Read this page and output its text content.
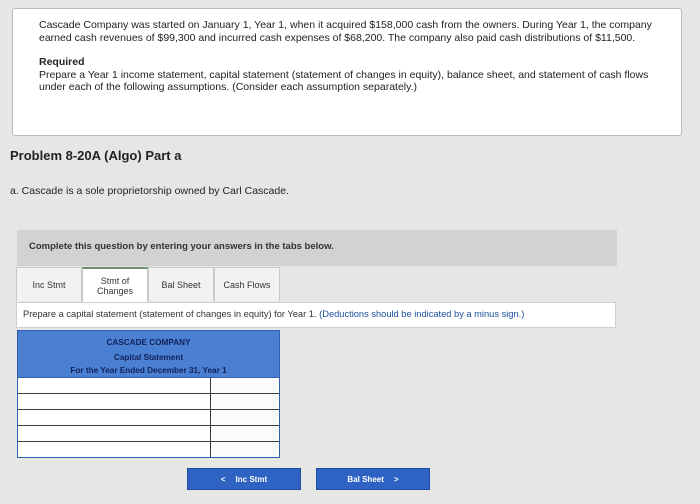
Cascade Company was started on January 1, Year 1, when it acquired $158,000 cash from the owners. During Year 1, the company earned cash revenues of $99,300 and incurred cash expenses of $68,200. The company also paid cash distributions of $11,500.

Required

Prepare a Year 1 income statement, capital statement (statement of changes in equity), balance sheet, and statement of cash flows under each of the following assumptions. (Consider each assumption separately.)

Problem 8-20A (Algo) Part a
a. Cascade is a sole proprietorship owned by Carl Cascade.
Complete this question by entering your answers in the tabs below.
Inc Stmt	Stmt of Changes
Bal Sheet	Cash Flows
Prepare a capital statement (statement of changes in equity) for Year 1. (Deductions should be indicated by a minus sign.)
CASCADE COMPANY
Capital Statement
For the Year Ended December 31, Year 1
< Inc Stmt	Bal Sheet >
